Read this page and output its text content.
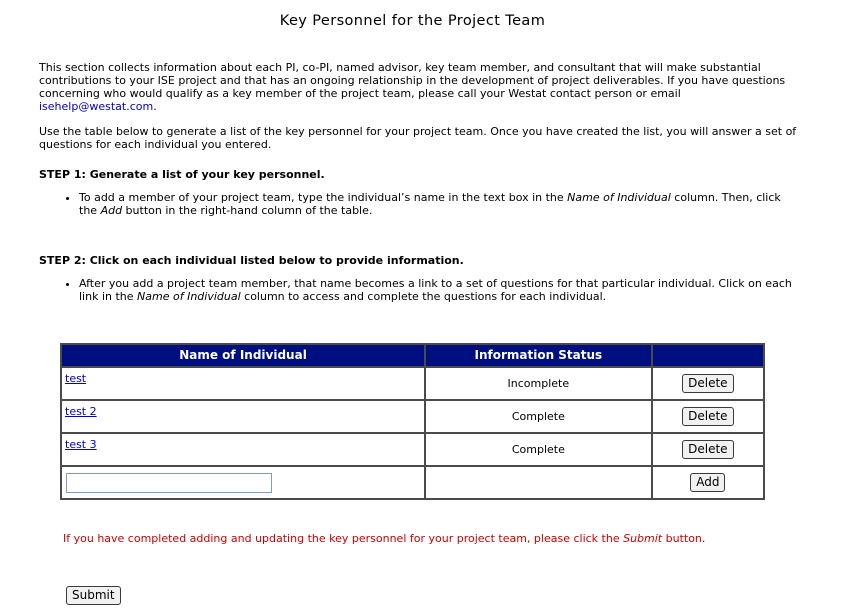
Key Personnel for the Project Team
This section collects information about each PI, co-PI, named advisor, key team member, and consultant that will make substantial contributions to your ISE project and that has an ongoing relationship in the development of project deliverables. If you have questions concerning who would qualify as a key member of the project team, please call your Westat contact person or email isehelp@westat.com.
Use the table below to generate a list of the key personnel for your project team. Once you have created the list, you will answer a set of questions for each individual you entered.
STEP 1: Generate a list of your key personnel.
• To add a member of your project team, type the individual’s name in the text box in the Name of Individual column. Then, click the Add button in the right-hand column of the table.
STEP 2: Click on each individual listed below to provide information.
• After you add a project team member, that name becomes a link to a set of questions for that particular individual. Click on each link in the Name of Individual column to access and complete the questions for each individual.
Name of Individual	Information Status	
test	Incomplete	Delete
test 2	Complete	Delete
test 3	Complete	Delete
		Add
If you have completed adding and updating the key personnel for your project team, please click the Submit button.
Submit
